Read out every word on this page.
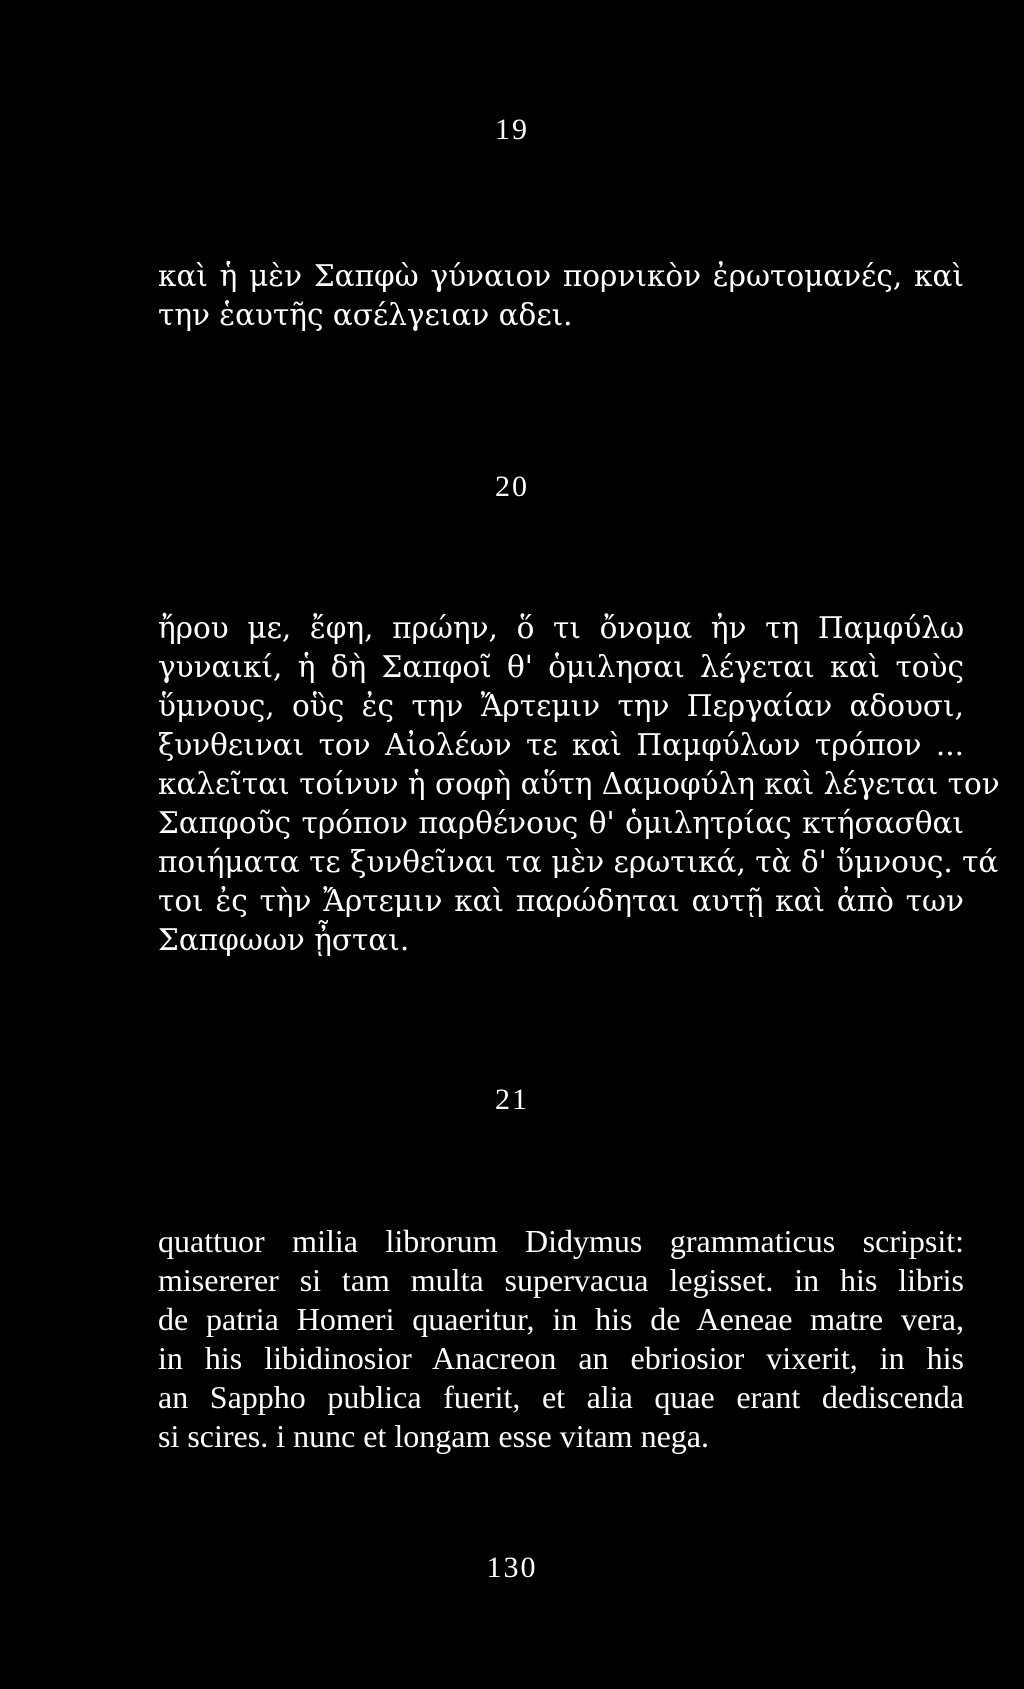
19
καὶ ἡ μὲν Σαπφὼ γύναιον πορνικὸν ἐρωτομανές, καὶ
την ἑαυτῆς ασέλγειαν αδει.
20
ἤρου με, ἔφη, πρώην, ὅ τι ὄνομα ἠν τη Παμφύλω
γυναικί, ἡ δὴ Σαπφοῖ θ' ὁμιλησαι λέγεται καὶ τοὺς
ὕμνους, οὓς ἐς την Ἄρτεμιν την Περγαίαν αδουσι,
ξυνθειναι τον Αἰολέων τε καὶ Παμφύλων τρόπον ...
καλεῖται τοίνυν ἡ σοφὴ αὕτη Δαμοφύλη καὶ λέγεται τον
Σαπφοῦς τρόπον παρθένους θ' ὁμιλητρίας κτήσασθαι
ποιήματα τε ξυνθεῖναι τα μὲν ερωτικά, τὰ δ' ὕμνους. τά
τοι ἐς τὴν Ἄρτεμιν καὶ παρώδηται αυτῇ καὶ ἀπὸ των
Σαπφωων ᾖσται.
21
quattuor milia librorum Didymus grammaticus scripsit:
misererer si tam multa supervacua legisset. in his libris
de patria Homeri quaeritur, in his de Aeneae matre vera,
in his libidinosior Anacreon an ebriosior vixerit, in his
an Sappho publica fuerit, et alia quae erant dediscenda
si scires. i nunc et longam esse vitam nega.
130
